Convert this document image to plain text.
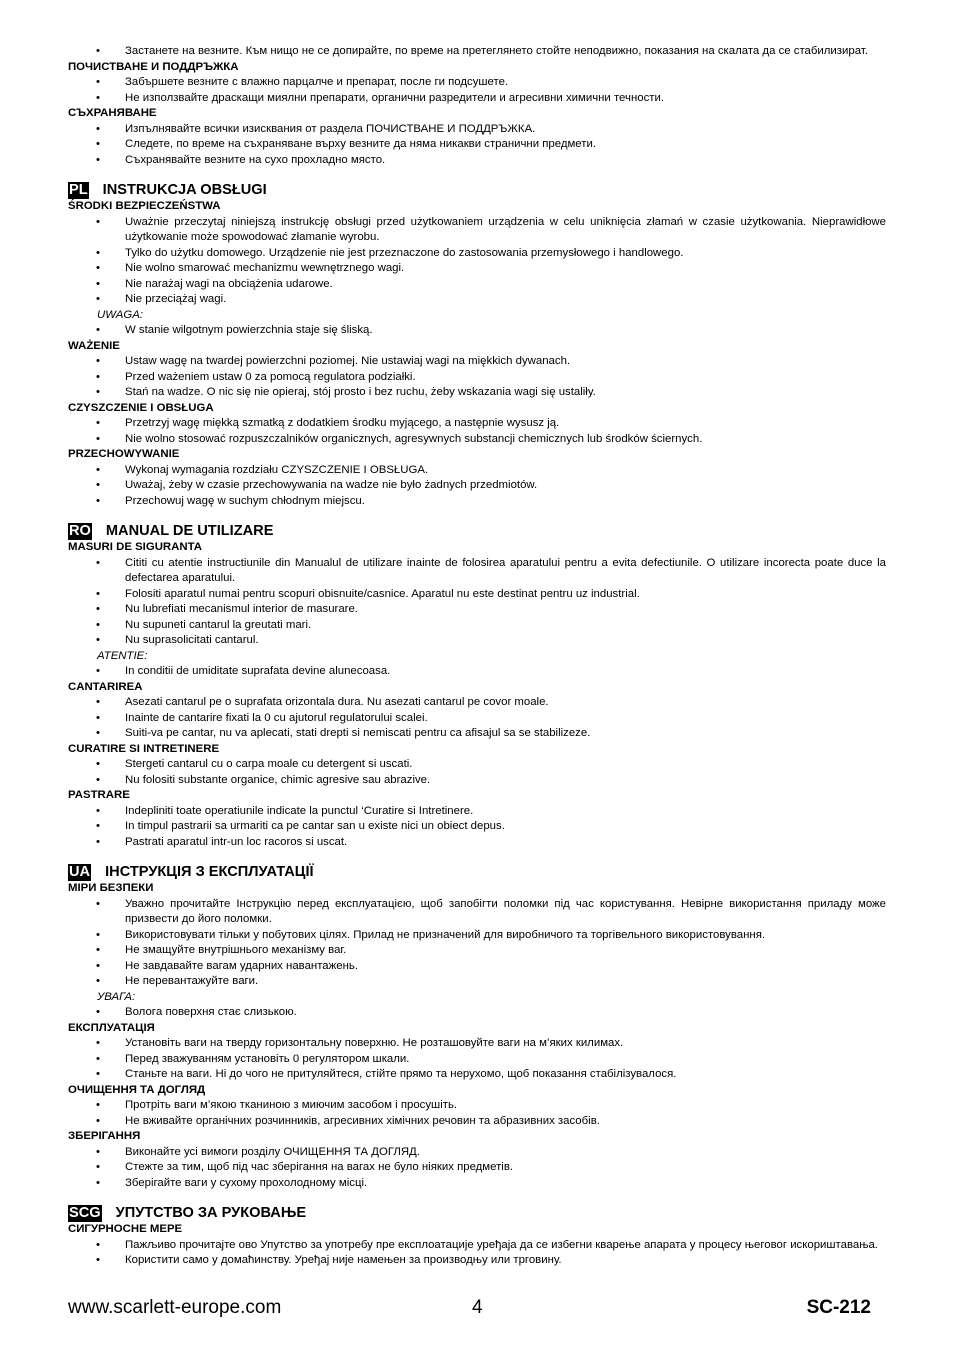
• Застанете на везните. Към нищо не се допирайте, по време на претеглянето стойте неподвижно, показания на скалата да се стабилизират.
ПОЧИСТВАНЕ И ПОДДРЪЖКА
• Забършете везните с влажно парцалче и препарат, после ги подсушете.
• Не използвайте драскащи миялни препарати, органични разредители и агресивни химични течности.
СЪХРАНЯВАНЕ
• Изпълнявайте всички изисквания от раздела ПОЧИСТВАНЕ И ПОДДРЪЖКА.
• Следете, по време на съхраняване върху везните да няма никакви странични предмети.
• Съхранявайте везните на сухо прохладно място.
PL INSTRUKCJA OBSŁUGI
ŚRODKI BEZPIECZEŃSTWA
• Uważnie przeczytaj niniejszą instrukcję obsługi przed użytkowaniem urządzenia w celu uniknięcia złamań w czasie użytkowania. Nieprawidłowe użytkowanie może spowodować złamanie wyrobu.
• Tylko do użytku domowego. Urządzenie nie jest przeznaczone do zastosowania przemysłowego i handlowego.
• Nie wolno smarować mechanizmu wewnętrznego wagi.
• Nie narażaj wagi na obciążenia udarowe.
• Nie przeciążaj wagi.
UWAGA:
• W stanie wilgotnym powierzchnia staje się śliską.
WAŻENIE
• Ustaw wagę na twardej powierzchni poziomej. Nie ustawiaj wagi na miękkich dywanach.
• Przed ważeniem ustaw 0 za pomocą regulatora podziałki.
• Stań na wadze. O nic się nie opieraj, stój prosto i bez ruchu, żeby wskazania wagi się ustaliły.
CZYSZCZENIE I OBSŁUGA
• Przetrzyj wagę miękką szmatką z dodatkiem środku myjącego, a następnie wysusz ją.
• Nie wolno stosować rozpuszczalników organicznych, agresywnych substancji chemicznych lub środków ściernych.
PRZECHOWYWANIE
• Wykonaj wymagania rozdziału CZYSZCZENIE I OBSŁUGA.
• Uważaj, żeby w czasie przechowywania na wadze nie było żadnych przedmiotów.
• Przechowuj wagę w suchym chłodnym miejscu.
RO MANUAL DE UTILIZARE
MASURI DE SIGURANTA
• Cititi cu atentie instructiunile din Manualul de utilizare inainte de folosirea aparatului pentru a evita defectiunile. O utilizare incorecta poate duce la defectarea aparatului.
• Folositi aparatul numai pentru scopuri obisnuite/casnice. Aparatul nu este destinat pentru uz industrial.
• Nu lubrefiati mecanismul interior de masurare.
• Nu supuneti cantarul la greutati mari.
• Nu suprasolicitati cantarul.
ATENTIE:
• In conditii de umiditate suprafata devine alunecoasa.
CANTARIREA
• Asezati cantarul pe o suprafata orizontala dura. Nu asezati cantarul pe covor moale.
• Inainte de cantarire fixati la 0 cu ajutorul regulatorului scalei.
• Suiti-va pe cantar, nu va aplecati, stati drepti si nemiscati pentru ca afisajul sa se stabilizeze.
CURATIRE SI INTRETINERE
• Stergeti cantarul cu o carpa moale cu detergent si uscati.
• Nu folositi substante organice, chimic agresive sau abrazive.
PASTRARE
• Indepliniti toate operatiunile indicate la punctul ‘Curatire si Intretinere.
• In timpul pastrarii sa urmariti ca pe cantar san u existe nici un obiect depus.
• Pastrati aparatul intr-un loc racoros si uscat.
UA ІНСТРУКЦІЯ З ЕКСПЛУАТАЦІЇ
МІРИ БЕЗПЕКИ
• Уважно прочитайте Інструкцію перед експлуатацією, щоб запобігти поломки під час користування. Невірне використання приладу може призвести до його поломки.
• Використовувати тільки у побутових цілях. Прилад не призначений для виробничого та торгівельного використовування.
• Не змащуйте внутрішнього механізму ваг.
• Не завдавайте вагам ударних навантажень.
• Не перевантажуйте ваги.
УВАГА:
• Вологa поверхня стає слизькою.
ЕКСПЛУАТАЦІЯ
• Установіть ваги на тверду горизонтальну поверхню. Не розташовуйте ваги на м’яких килимах.
• Перед зважуванням установіть 0 регулятором шкали.
• Станьте на ваги. Ні до чого не притуляйтеся, стійте прямо та нерухомо, щоб показання стабілізувалося.
ОЧИЩЕННЯ ТА ДОГЛЯД
• Протріть ваги м’якою тканиною з миючим засобом і просушіть.
• Не вживайте органічних розчинників, агресивних хімічних речовин та абразивних засобів.
ЗБЕРІГАННЯ
• Виконайте усі вимоги розділу ОЧИЩЕННЯ ТА ДОГЛЯД.
• Стежте за тим, щоб під час зберігання на вагах не було ніяких предметів.
• Зберігайте ваги у сухому прохолодному місці.
SCG УПУТСТВО ЗА РУКОВАЊЕ
СИГУРНОСНЕ МЕРЕ
• Пажљиво прочитајте ово Упутство за употребу пре експлоатације уређаја да се избегни кварење апарата у процесу његовог искориштавања.
• Користити само у домаћинству. Уређај није намењен за производњу или трговину.
www.scarlett-europe.com	4	SC-212
